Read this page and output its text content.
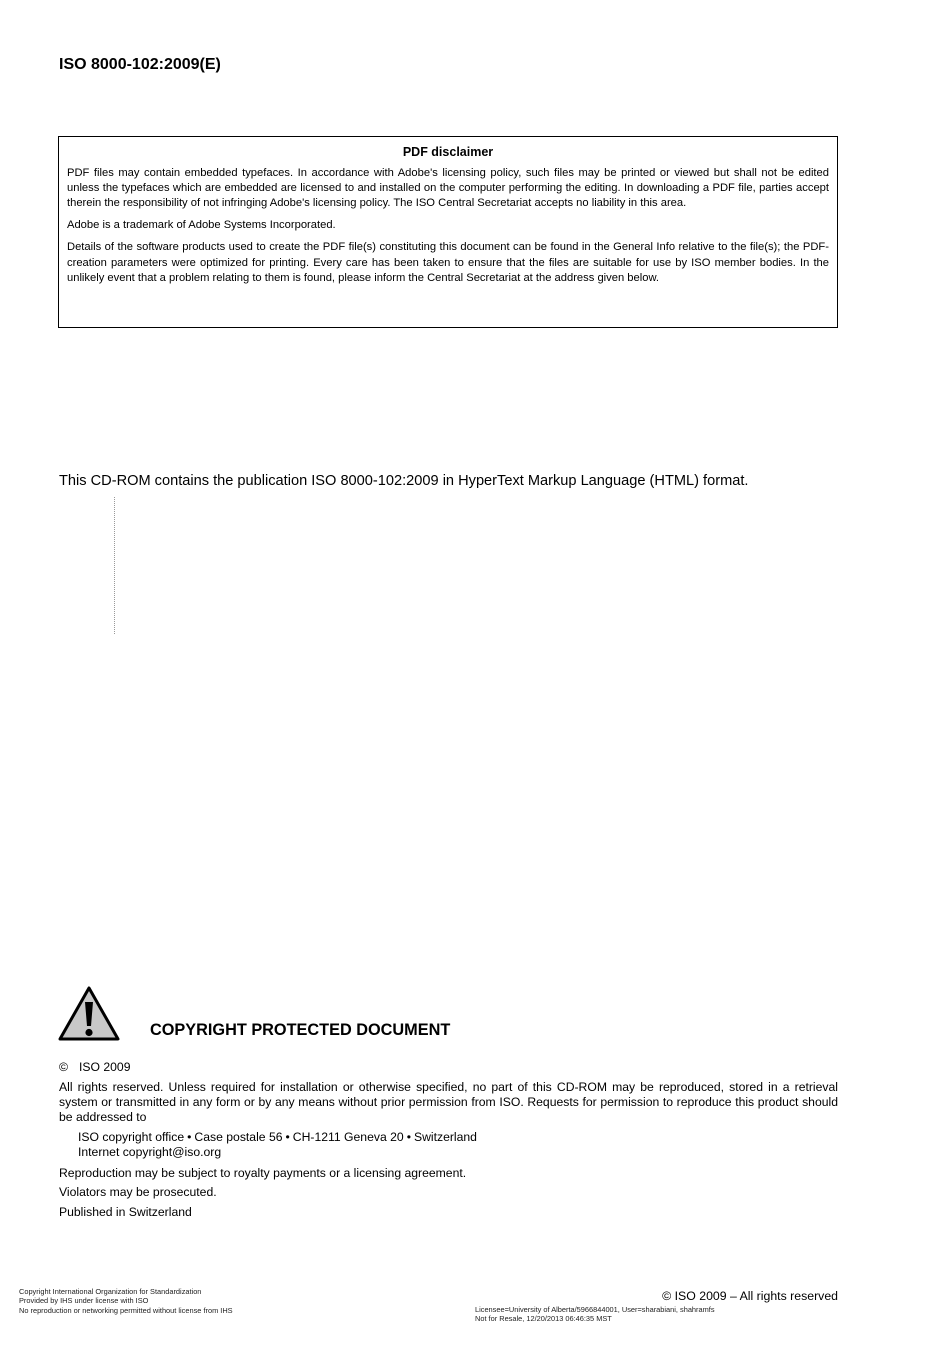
ISO 8000-102:2009(E)
PDF disclaimer

PDF files may contain embedded typefaces. In accordance with Adobe's licensing policy, such files may be printed or viewed but shall not be edited unless the typefaces which are embedded are licensed to and installed on the computer performing the editing. In downloading a PDF file, parties accept therein the responsibility of not infringing Adobe's licensing policy. The ISO Central Secretariat accepts no liability in this area.

Adobe is a trademark of Adobe Systems Incorporated.

Details of the software products used to create the PDF file(s) constituting this document can be found in the General Info relative to the file(s); the PDF-creation parameters were optimized for printing. Every care has been taken to ensure that the files are suitable for use by ISO member bodies. In the unlikely event that a problem relating to them is found, please inform the Central Secretariat at the address given below.

This CD-ROM contains the publication ISO 8000-102:2009 in HyperText Markup Language (HTML) format.
COPYRIGHT PROTECTED DOCUMENT
© ISO 2009
All rights reserved. Unless required for installation or otherwise specified, no part of this CD-ROM may be reproduced, stored in a retrieval system or transmitted in any form or by any means without prior permission from ISO. Requests for permission to reproduce this product should be addressed to
ISO copyright office • Case postale 56 • CH-1211 Geneva 20 • Switzerland
Internet copyright@iso.org
Reproduction may be subject to royalty payments or a licensing agreement.
Violators may be prosecuted.
Published in Switzerland
© ISO 2009 – All rights reserved
Copyright International Organization for Standardization
Provided by IHS under license with ISO
No reproduction or networking permitted without license from IHS	Licensee=University of Alberta/5966844001, User=sharabiani, shahramfs
Not for Resale, 12/20/2013 06:46:35 MST
